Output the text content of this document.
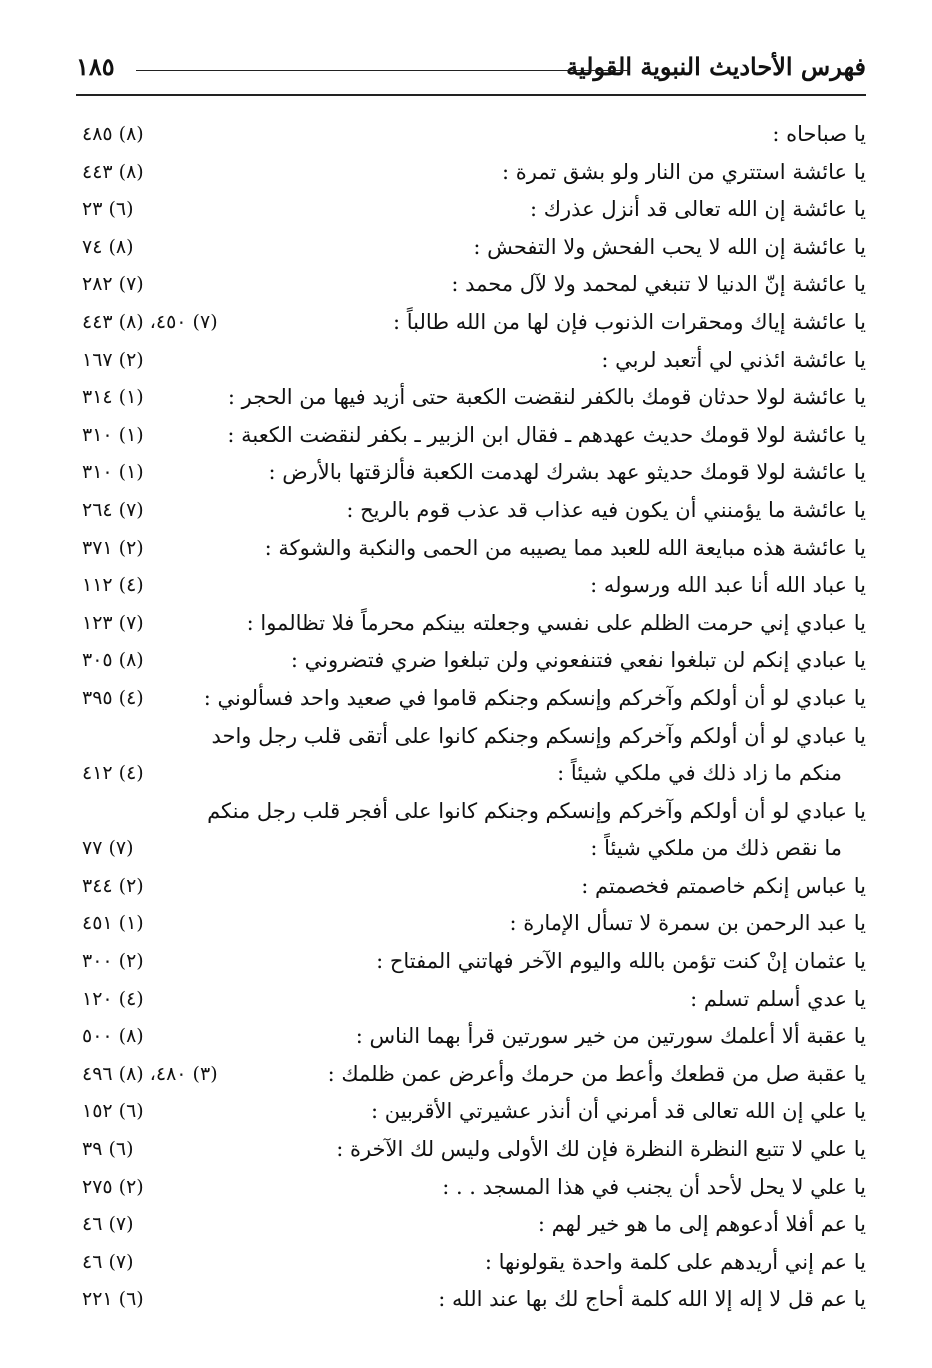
فهرس الأحاديث النبوية القولية
١٨٥
يا صباحاه :
(٨) ٤٨٥
يا عائشة استتري من النار ولو بشق تمرة :
(٨) ٤٤٣
يا عائشة إن الله تعالى قد أنزل عذرك :
(٦) ٢٣
يا عائشة إن الله لا يحب الفحش ولا التفحش :
(٨) ٧٤
يا عائشة إنّ الدنيا لا تنبغي لمحمد ولا لآل محمد :
(٧) ٢٨٢
يا عائشة إياك ومحقرات الذنوب فإن لها من الله طالباً :
(٧) ٤٥٠، (٨) ٤٤٣
يا عائشة ائذني لي أتعبد لربي :
(٢) ١٦٧
يا عائشة لولا حدثان قومك بالكفر لنقضت الكعبة حتى أزيد فيها من الحجر :
(١) ٣١٤
يا عائشة لولا قومك حديث عهدهم ـ فقال ابن الزبير ـ بكفر لنقضت الكعبة :
(١) ٣١٠
يا عائشة لولا قومك حديثو عهد بشرك لهدمت الكعبة فألزقتها بالأرض :
(١) ٣١٠
يا عائشة ما يؤمنني أن يكون فيه عذاب قد عذب قوم بالريح :
(٧) ٢٦٤
يا عائشة هذه مبايعة الله للعبد مما يصيبه من الحمى والنكبة والشوكة :
(٢) ٣٧١
يا عباد الله أنا عبد الله ورسوله :
(٤) ١١٢
يا عبادي إني حرمت الظلم على نفسي وجعلته بينكم محرماً فلا تظالموا :
(٧) ١٢٣
يا عبادي إنكم لن تبلغوا نفعي فتنفعوني ولن تبلغوا ضري فتضروني :
(٨) ٣٠٥
يا عبادي لو أن أولكم وآخركم وإنسكم وجنكم قاموا في صعيد واحد فسألوني :
(٤) ٣٩٥
يا عبادي لو أن أولكم وآخركم وإنسكم وجنكم كانوا على أتقى قلب رجل واحد
منكم ما زاد ذلك في ملكي شيئاً :
(٤) ٤١٢
يا عبادي لو أن أولكم وآخركم وإنسكم وجنكم كانوا على أفجر قلب رجل منكم
ما نقص ذلك من ملكي شيئاً :
(٧) ٧٧
يا عباس إنكم خاصمتم فخصمتم :
(٢) ٣٤٤
يا عبد الرحمن بن سمرة لا تسأل الإمارة :
(١) ٤٥١
يا عثمان إنْ كنت تؤمن بالله واليوم الآخر فهاتني المفتاح :
(٢) ٣٠٠
يا عدي أسلم تسلم :
(٤) ١٢٠
يا عقبة ألا أعلمك سورتين من خير سورتين قرأ بهما الناس :
(٨) ٥٠٠
يا عقبة صل من قطعك وأعط من حرمك وأعرض عمن ظلمك :
(٣) ٤٨٠، (٨) ٤٩٦
يا علي إن الله تعالى قد أمرني أن أنذر عشيرتي الأقربين :
(٦) ١٥٢
يا علي لا تتبع النظرة النظرة فإن لك الأولى وليس لك الآخرة :
(٦) ٣٩
يا علي لا يحل لأحد أن يجنب في هذا المسجد . . :
(٢) ٢٧٥
يا عم أفلا أدعوهم إلى ما هو خير لهم :
(٧) ٤٦
يا عم إني أريدهم على كلمة واحدة يقولونها :
(٧) ٤٦
يا عم قل لا إله إلا الله كلمة أحاج لك بها عند الله :
(٦) ٢٢١
